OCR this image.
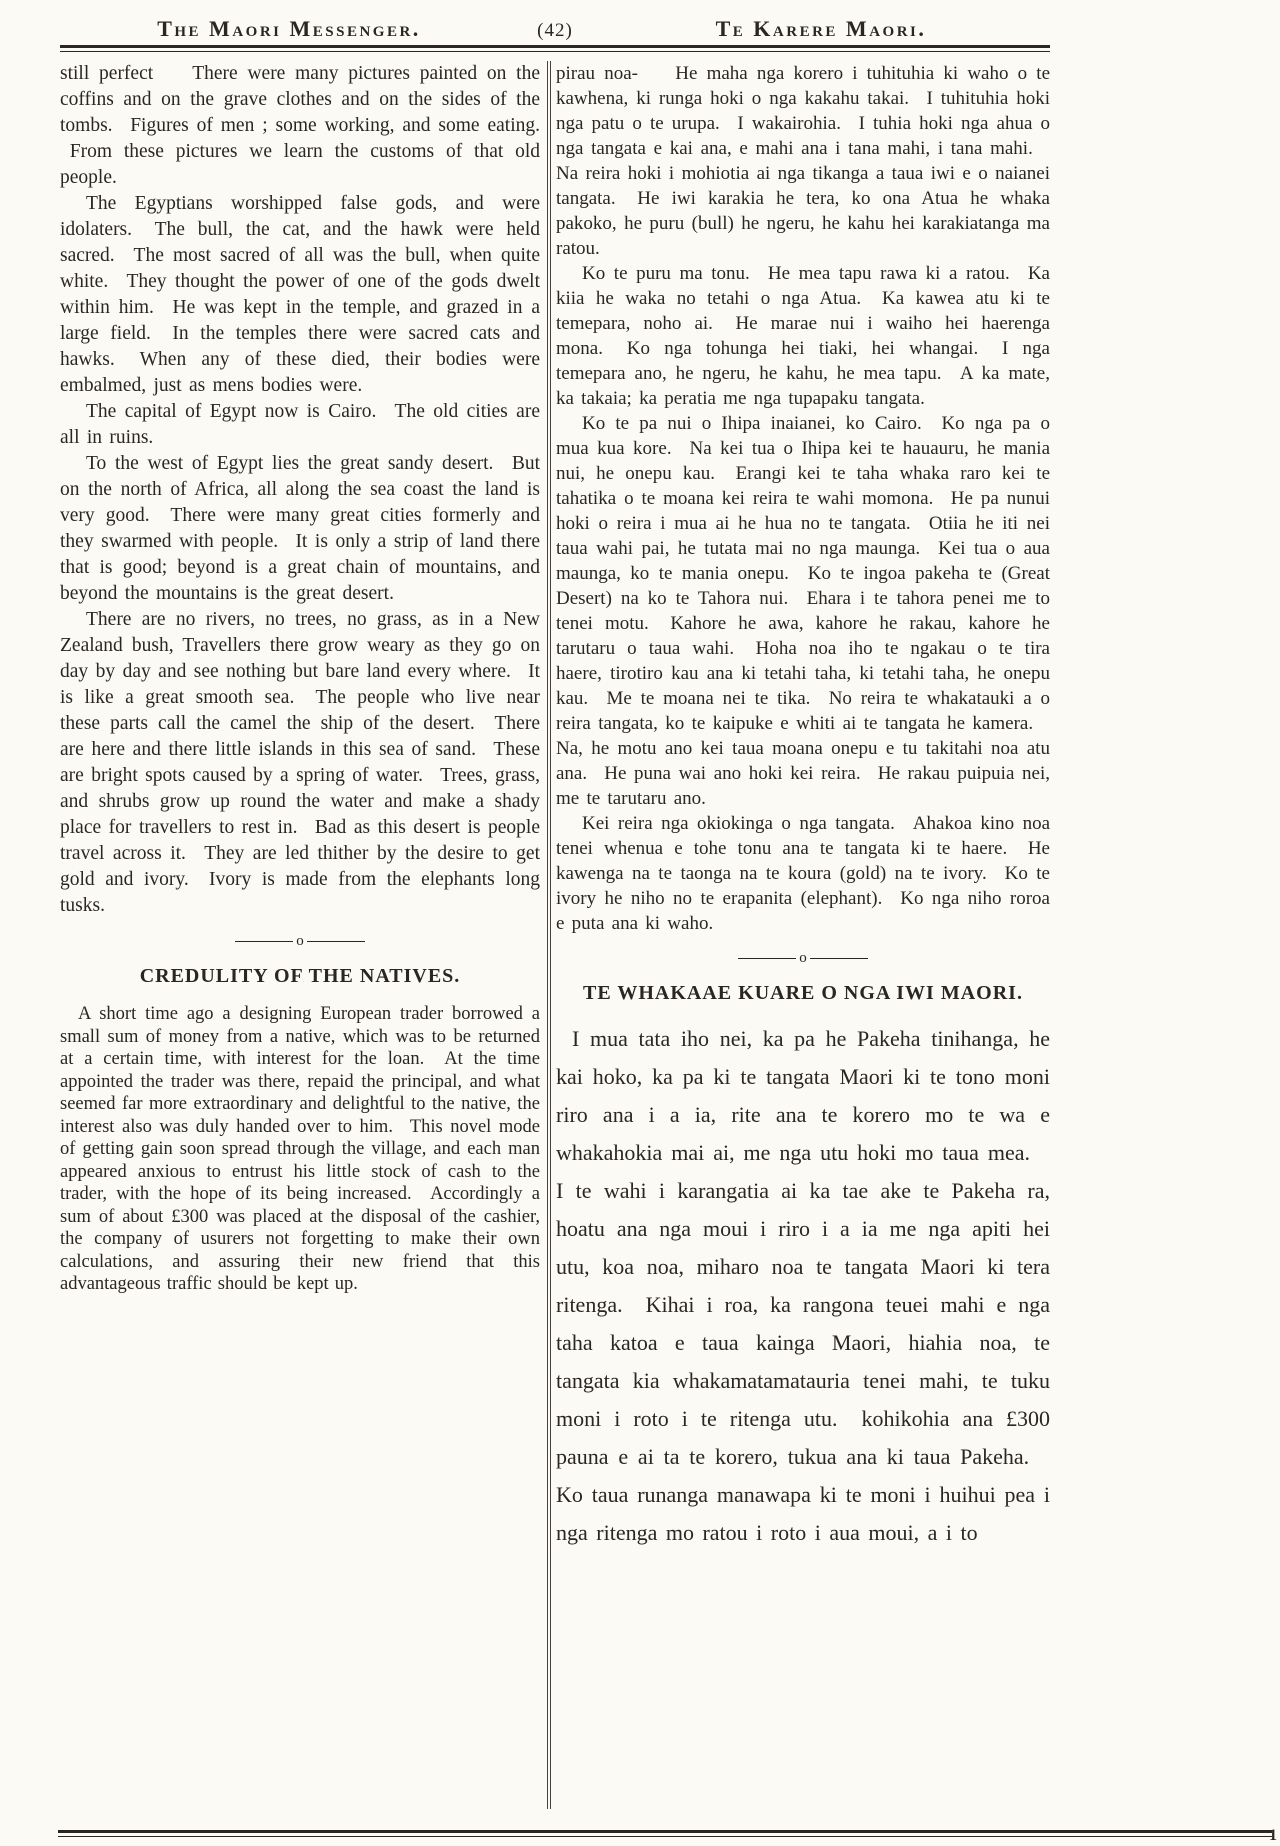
The Maori Messenger.	(42)	Te Karere Maori.

still perfect    There were many pictures painted on the coffins and on the grave clothes and on the sides of the tombs.  Figures of men ; some working, and some eating.  From these pictures we learn the customs of that old people.

The Egyptians worshipped false gods, and were idolaters.  The bull, the cat, and the hawk were held sacred.  The most sacred of all was the bull, when quite white.  They thought the power of one of the gods dwelt within him.  He was kept in the temple, and grazed in a large field.  In the temples there were sacred cats and hawks.  When any of these died, their bodies were embalmed, just as mens bodies were.

The capital of Egypt now is Cairo.  The old cities are all in ruins.

To the west of Egypt lies the great sandy desert.  But on the north of Africa, all along the sea coast the land is very good.  There were many great cities formerly and they swarmed with people.  It is only a strip of land there that is good; beyond is a great chain of mountains, and beyond the mountains is the great desert.

There are no rivers, no trees, no grass, as in a New Zealand bush, Travellers there grow weary as they go on day by day and see nothing but bare land every where.  It is like a great smooth sea.  The people who live near these parts call the camel the ship of the desert.  There are here and there little islands in this sea of sand.  These are bright spots caused by a spring of water.  Trees, grass, and shrubs grow up round the water and make a shady place for travellers to rest in.  Bad as this desert is people travel across it.  They are led thither by the desire to get gold and ivory.  Ivory is made from the elephants long tusks.

o
CREDULITY OF THE NATIVES.

A short time ago a designing European trader borrowed a small sum of money from a native, which was to be returned at a certain time, with interest for the loan.  At the time appointed the trader was there, repaid the principal, and what seemed far more extraordinary and delightful to the native, the interest also was duly handed over to him.  This novel mode of getting gain soon spread through the village, and each man appeared anxious to entrust his little stock of cash to the trader, with the hope of its being increased.  Accordingly a sum of about £300 was placed at the disposal of the cashier, the company of usurers not forgetting to make their own calculations, and assuring their new friend that this advantageous traffic should be kept up.

pirau noa-    He maha nga korero i tuhituhia ki waho o te kawhena, ki runga hoki o nga kakahu takai.  I tuhituhia hoki nga patu o te urupa.  I wakairohia.  I tuhia hoki nga ahua o nga tangata e kai ana, e mahi ana i tana mahi, i tana mahi.  Na reira hoki i mohiotia ai nga tikanga a taua iwi e o naianei tangata.  He iwi karakia he tera, ko ona Atua he whaka pakoko, he puru (bull) he ngeru, he kahu hei karakiatanga ma ratou.

Ko te puru ma tonu.  He mea tapu rawa ki a ratou.  Ka kiia he waka no tetahi o nga Atua.  Ka kawea atu ki te temepara, noho ai.  He marae nui i waiho hei haerenga mona.  Ko nga tohunga hei tiaki, hei whangai.  I nga temepara ano, he ngeru, he kahu, he mea tapu.  A ka mate, ka takaia; ka peratia me nga tupapaku tangata.

Ko te pa nui o Ihipa inaianei, ko Cairo.  Ko nga pa o mua kua kore.  Na kei tua o Ihipa kei te hauauru, he mania nui, he onepu kau.  Erangi kei te taha whaka raro kei te tahatika o te moana kei reira te wahi momona.  He pa nunui hoki o reira i mua ai he hua no te tangata.  Otiia he iti nei taua wahi pai, he tutata mai no nga maunga.  Kei tua o aua maunga, ko te mania onepu.  Ko te ingoa pakeha te (Great Desert) na ko te Tahora nui.  Ehara i te tahora penei me to tenei motu.  Kahore he awa, kahore he rakau, kahore he tarutaru o taua wahi.  Hoha noa iho te ngakau o te tira haere, tirotiro kau ana ki tetahi taha, ki tetahi taha, he onepu kau.  Me te moana nei te tika.  No reira te whakatauki a o reira tangata, ko te kaipuke e whiti ai te tangata he kamera.  Na, he motu ano kei taua moana onepu e tu takitahi noa atu ana.  He puna wai ano hoki kei reira.  He rakau puipuia nei, me te tarutaru ano.

Kei reira nga okiokinga o nga tangata.  Ahakoa kino noa tenei whenua e tohe tonu ana te tangata ki te haere.  He kawenga na te taonga na te koura (gold) na te ivory.  Ko te ivory he niho no te erapanita (elephant).  Ko nga niho roroa e puta ana ki waho.

o
TE WHAKAAE KUARE O NGA IWI MAORI.

I mua tata iho nei, ka pa he Pakeha tinihanga, he kai hoko, ka pa ki te tangata Maori ki te tono moni riro ana i a ia, rite ana te korero mo te wa e whakahokia mai ai, me nga utu hoki mo taua mea.  I te wahi i karangatia ai ka tae ake te Pakeha ra, hoatu ana nga moui i riro i a ia me nga apiti hei utu, koa noa, miharo noa te tangata Maori ki tera ritenga.  Kihai i roa, ka rangona teuei mahi e nga taha katoa e taua kainga Maori, hiahia noa, te tangata kia whakamatamatauria tenei mahi, te tuku moni i roto i te ritenga utu.  kohikohia ana £300 pauna e ai ta te korero, tukua ana ki taua Pakeha.  Ko taua runanga manawapa ki te moni i huihui pea i nga ritenga mo ratou i roto i aua moui, a i to

1
